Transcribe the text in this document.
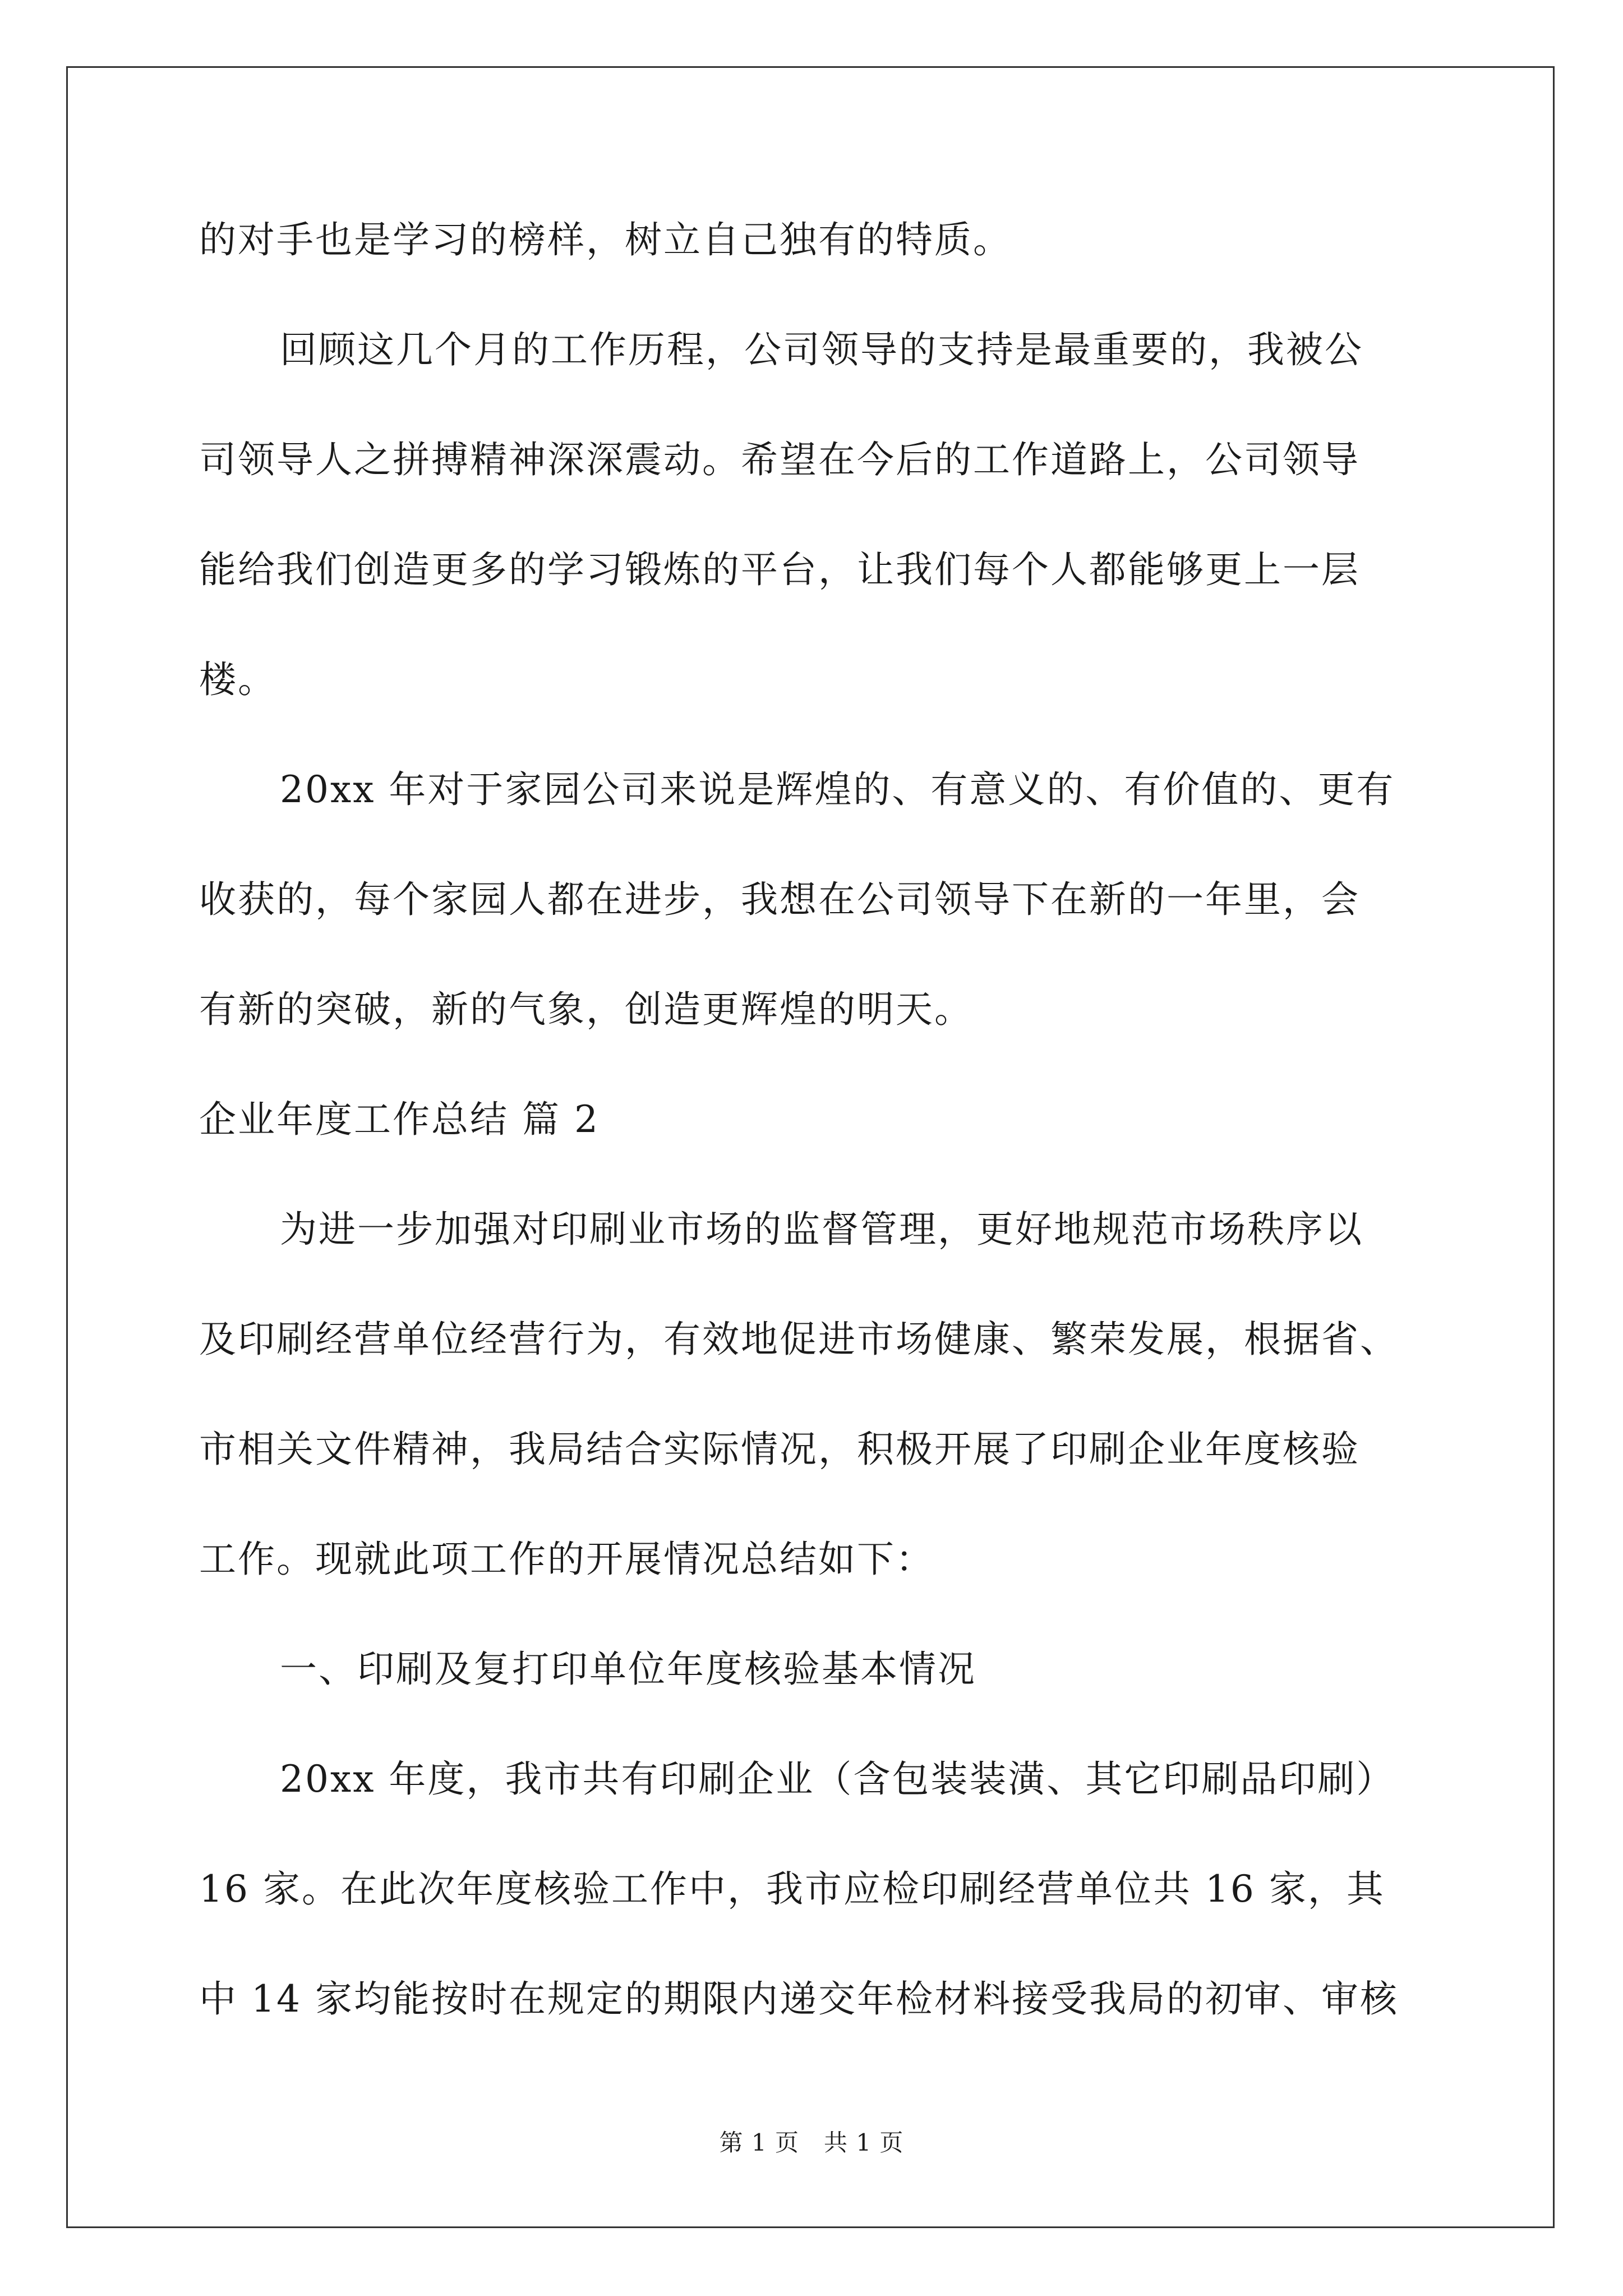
的对手也是学习的榜样，树立自己独有的特质。
回顾这几个月的工作历程，公司领导的支持是最重要的，我被公
司领导人之拼搏精神深深震动。希望在今后的工作道路上，公司领导
能给我们创造更多的学习锻炼的平台，让我们每个人都能够更上一层
楼。
20xx 年对于家园公司来说是辉煌的、有意义的、有价值的、更有
收获的，每个家园人都在进步，我想在公司领导下在新的一年里，会
有新的突破，新的气象，创造更辉煌的明天。
企业年度工作总结 篇 2
为进一步加强对印刷业市场的监督管理，更好地规范市场秩序以
及印刷经营单位经营行为，有效地促进市场健康、繁荣发展，根据省、
市相关文件精神，我局结合实际情况，积极开展了印刷企业年度核验
工作。现就此项工作的开展情况总结如下：
一、印刷及复打印单位年度核验基本情况
20xx 年度，我市共有印刷企业（含包装装潢、其它印刷品印刷）
16 家。在此次年度核验工作中，我市应检印刷经营单位共 16 家，其
中 14 家均能按时在规定的期限内递交年检材料接受我局的初审、审核
第 1 页 共 1 页
